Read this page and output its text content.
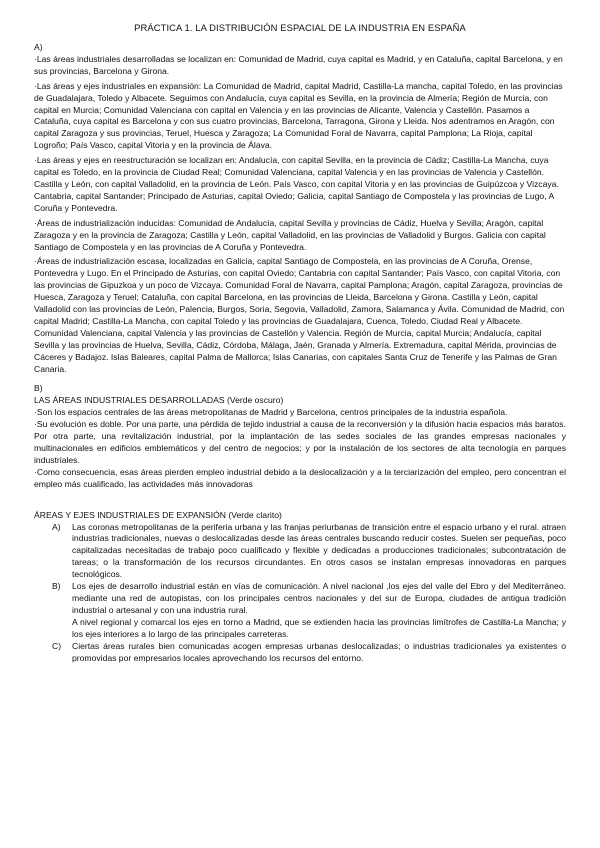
PRÁCTICA 1. LA DISTRIBUCIÓN ESPACIAL DE LA INDUSTRIA EN ESPAÑA
A)

·Las áreas industriales desarrolladas se localizan en: Comunidad de Madrid, cuya capital es Madrid, y en Cataluña, capital Barcelona, y en sus provincias, Barcelona y Girona.

·Las áreas y ejes industriales en expansión: La Comunidad de Madrid, capital Madrid, Castilla-La mancha, capital Toledo, en las provincias de Guadalajara, Toledo y Albacete. Seguimos con Andalucía, cuya capital es Sevilla, en la provincia de Almería; Región de Murcia, con capital en Murcia; Comunidad Valenciana con capital en Valencia y en las provincias de Alicante, Valencia y Castellón. Pasamos a Cataluña, cuya capital es Barcelona y con sus cuatro provincias, Barcelona, Tarragona, Girona y Lleida. Nos adentramos en Aragón, con capital Zaragoza y sus provincias, Teruel, Huesca y Zaragoza; La Comunidad Foral de Navarra, capital Pamplona; La Rioja, capital Logroño; País Vasco, capital Vitoria y en la provincia de Álava.

·Las áreas y ejes en reestructuración se localizan en: Andalucía, con capital Sevilla, en la provincia de Cádiz; Castilla-La Mancha, cuya capital es Toledo, en la provincia de Ciudad Real; Comunidad Valenciana, capital Valencia y en las provincias de Valencia y Castellón. Castilla y León, con capital Valladolid, en la provincia de León. País Vasco, con capital Vitoria y en las provincias de Guipúzcoa y Vizcaya. Cantabria, capital Santander; Principado de Asturias, capital Oviedo; Galicia, capital Santiago de Compostela y las provincias de Lugo, A Coruña y Pontevedra.

·Áreas de industrialización inducidas: Comunidad de Andalucía, capital Sevilla y provincias de Cádiz, Huelva y Sevilla; Aragón, capital Zaragoza y en la provincia de Zaragoza; Castilla y León, capital Valladolid, en las provincias de Valladolid y Burgos. Galicia con capital Santiago de Compostela y en las provincias de A Coruña y Pontevedra.

·Áreas de industrialización escasa, localizadas en Galicia, capital Santiago de Compostela, en las provincias de A Coruña, Orense, Pontevedra y Lugo. En el Principado de Asturias, con capital Oviedo; Cantabria con capital Santander; País Vasco, con capital Vitoria, con las provincias de Gipuzkoa y un poco de Vizcaya. Comunidad Foral de Navarra, capital Pamplona; Aragón, capital Zaragoza, provincias de Huesca, Zaragoza y Teruel; Cataluña, con capital Barcelona, en las provincias de Lleida, Barcelona y Girona. Castilla y León, capital Valladolid con las provincias de León, Palencia, Burgos, Soria, Segovia, Valladolid, Zamora, Salamanca y Ávila. Comunidad de Madrid, con capital Madrid; Castilla-La Mancha, con capital Toledo y las provincias de Guadalajara, Cuenca, Toledo, Ciudad Real y Albacete. Comunidad Valenciana, capital Valencia y las provincias de Castellón y Valencia. Región de Murcia, capital Murcia; Andalucía, capital Sevilla y las provincias de Huelva, Sevilla, Cádiz, Córdoba, Málaga, Jaén, Granada y Almería. Extremadura, capital Mérida, provincias de Cáceres y Badajoz. Islas Baleares, capital Palma de Mallorca; Islas Canarias, con capitales Santa Cruz de Tenerife y las Palmas de Gran Canaria.

B)
LAS ÁREAS INDUSTRIALES DESARROLLADAS (Verde oscuro)

·Son los espacios centrales de las áreas metropolitanas de Madrid y Barcelona, centros principales de la industria española.

·Su evolución es doble. Por una parte, una pérdida de tejido industrial a causa de la reconversión y la difusión hacia espacios más baratos. Por otra parte, una revitalización industrial, por la implantación de las sedes sociales de las grandes empresas nacionales y multinacionales en edificios emblemáticos y del centro de negocios; y por la instalación de los sectores de alta tecnología en parques industriales.

·Como consecuencia, esas áreas pierden empleo industrial debido a la deslocalización y a la terciarización del empleo, pero concentran el empleo más cualificado, las actividades más innovadoras

ÁREAS Y EJES INDUSTRIALES DE EXPANSIÓN (Verde clarito)
A)	Las coronas metropolitanas de la periferia urbana y las franjas periurbanas de transición entre el espacio urbano y el rural. atraen industrias tradicionales, nuevas o deslocalizadas desde las áreas centrales buscando reducir costes. Suelen ser pequeñas, poco capitalizadas necesitadas de trabajo poco cualificado y flexible y dedicadas a producciones tradicionales; subcontratación de tareas; o la transformación de los recursos circundantes. En otros casos se instalan empresas innovadoras en parques tecnológicos.

B)	Los ejes de desarrollo industrial están en vías de comunicación. A nivel nacional ,los ejes del valle del Ebro y del Mediterráneo. mediante una red de autopistas, con los principales centros nacionales y del sur de Europa, ciudades de antigua tradición industrial o artesanal y con una industria rural.

A nivel regional y comarcal los ejes en torno a Madrid, que se extienden hacia las provincias limítrofes de Castilla-La Mancha; y los ejes interiores a lo largo de las principales carreteras.

C)	Ciertas áreas rurales bien comunicadas acogen empresas urbanas deslocalizadas; o industrias tradicionales ya existentes o promovidas por empresarios locales aprovechando los recursos del entorno.
